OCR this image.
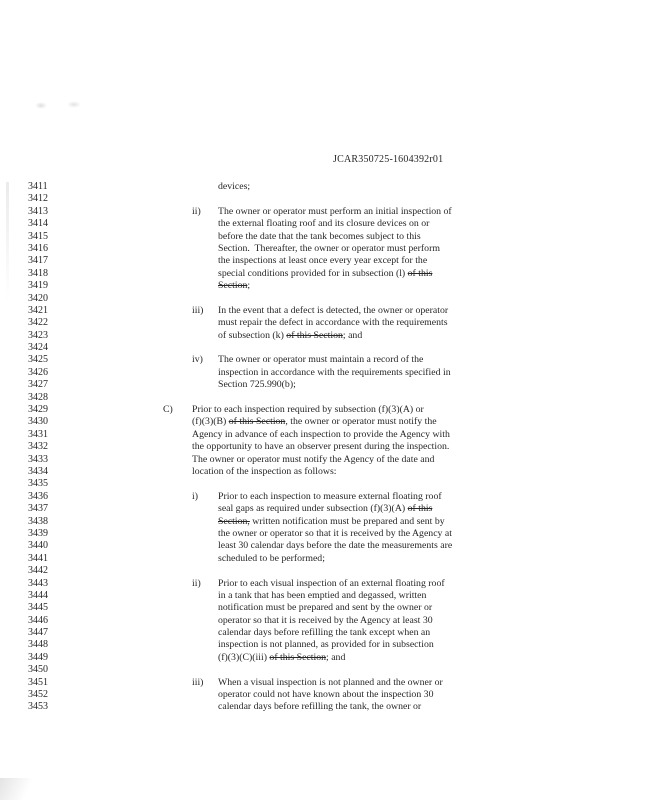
JCAR350725-1604392r01
3411	devices;
3412
3413	ii) The owner or operator must perform an initial inspection of
3414	the external floating roof and its closure devices on or
3415	before the date that the tank becomes subject to this
3416	Section.  Thereafter, the owner or operator must perform
3417	the inspections at least once every year except for the
3418	special conditions provided for in subsection (l) of this
3419	Section;
3420
3421	iii) In the event that a defect is detected, the owner or operator
3422	must repair the defect in accordance with the requirements
3423	of subsection (k) of this Section; and
3424
3425	iv) The owner or operator must maintain a record of the
3426	inspection in accordance with the requirements specified in
3427	Section 725.990(b);
3428
3429	C) Prior to each inspection required by subsection (f)(3)(A) or
3430	(f)(3)(B) of this Section, the owner or operator must notify the
3431	Agency in advance of each inspection to provide the Agency with
3432	the opportunity to have an observer present during the inspection.
3433	The owner or operator must notify the Agency of the date and
3434	location of the inspection as follows:
3435
3436	i) Prior to each inspection to measure external floating roof
3437	seal gaps as required under subsection (f)(3)(A) of this
3438	Section, written notification must be prepared and sent by
3439	the owner or operator so that it is received by the Agency at
3440	least 30 calendar days before the date the measurements are
3441	scheduled to be performed;
3442
3443	ii) Prior to each visual inspection of an external floating roof
3444	in a tank that has been emptied and degassed, written
3445	notification must be prepared and sent by the owner or
3446	operator so that it is received by the Agency at least 30
3447	calendar days before refilling the tank except when an
3448	inspection is not planned, as provided for in subsection
3449	(f)(3)(C)(iii) of this Section; and
3450
3451	iii) When a visual inspection is not planned and the owner or
3452	operator could not have known about the inspection 30
3453	calendar days before refilling the tank, the owner or
